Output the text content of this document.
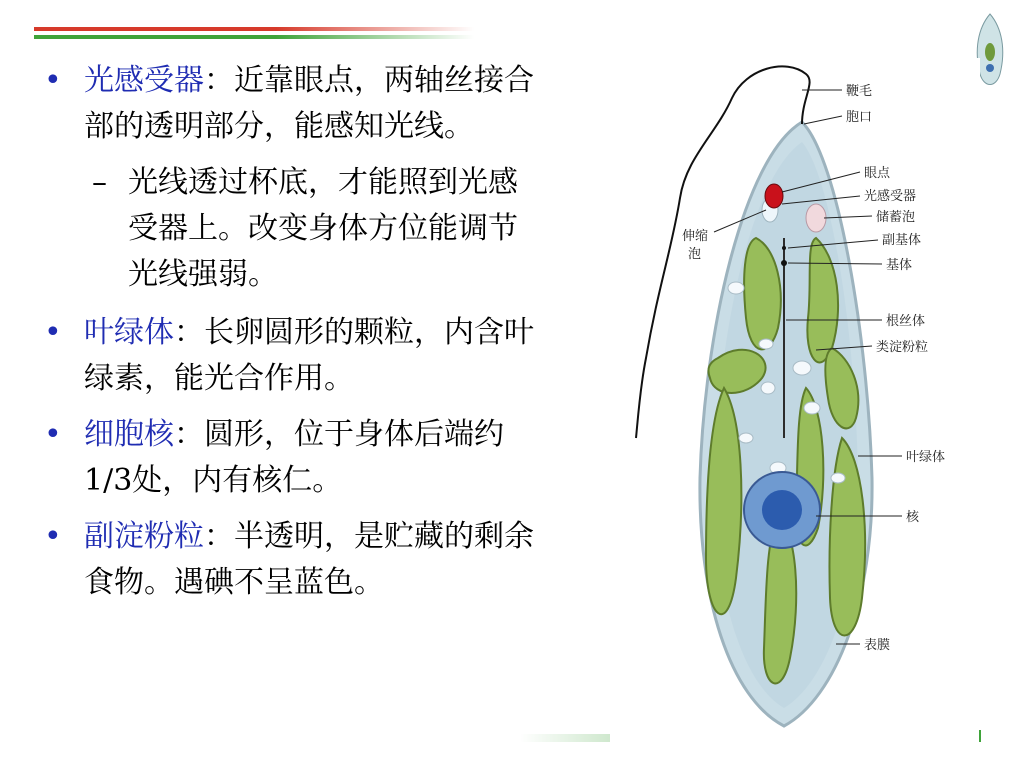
• 光感受器：近靠眼点，两轴丝接合部的透明部分，能感知光线。
– 光线透过杯底，才能照到光感受器上。改变身体方位能调节光线强弱。
• 叶绿体：长卵圆形的颗粒，内含叶绿素，能光合作用。
• 细胞核：圆形，位于身体后端约1/3处，内有核仁。
• 副淀粉粒：半透明，是贮藏的剩余食物。遇碘不呈蓝色。
鞭毛
胞口
眼点
光感受器
储蓄泡
副基体
基体
根丝体
类淀粉粒
叶绿体
核
表膜
伸缩 泡
